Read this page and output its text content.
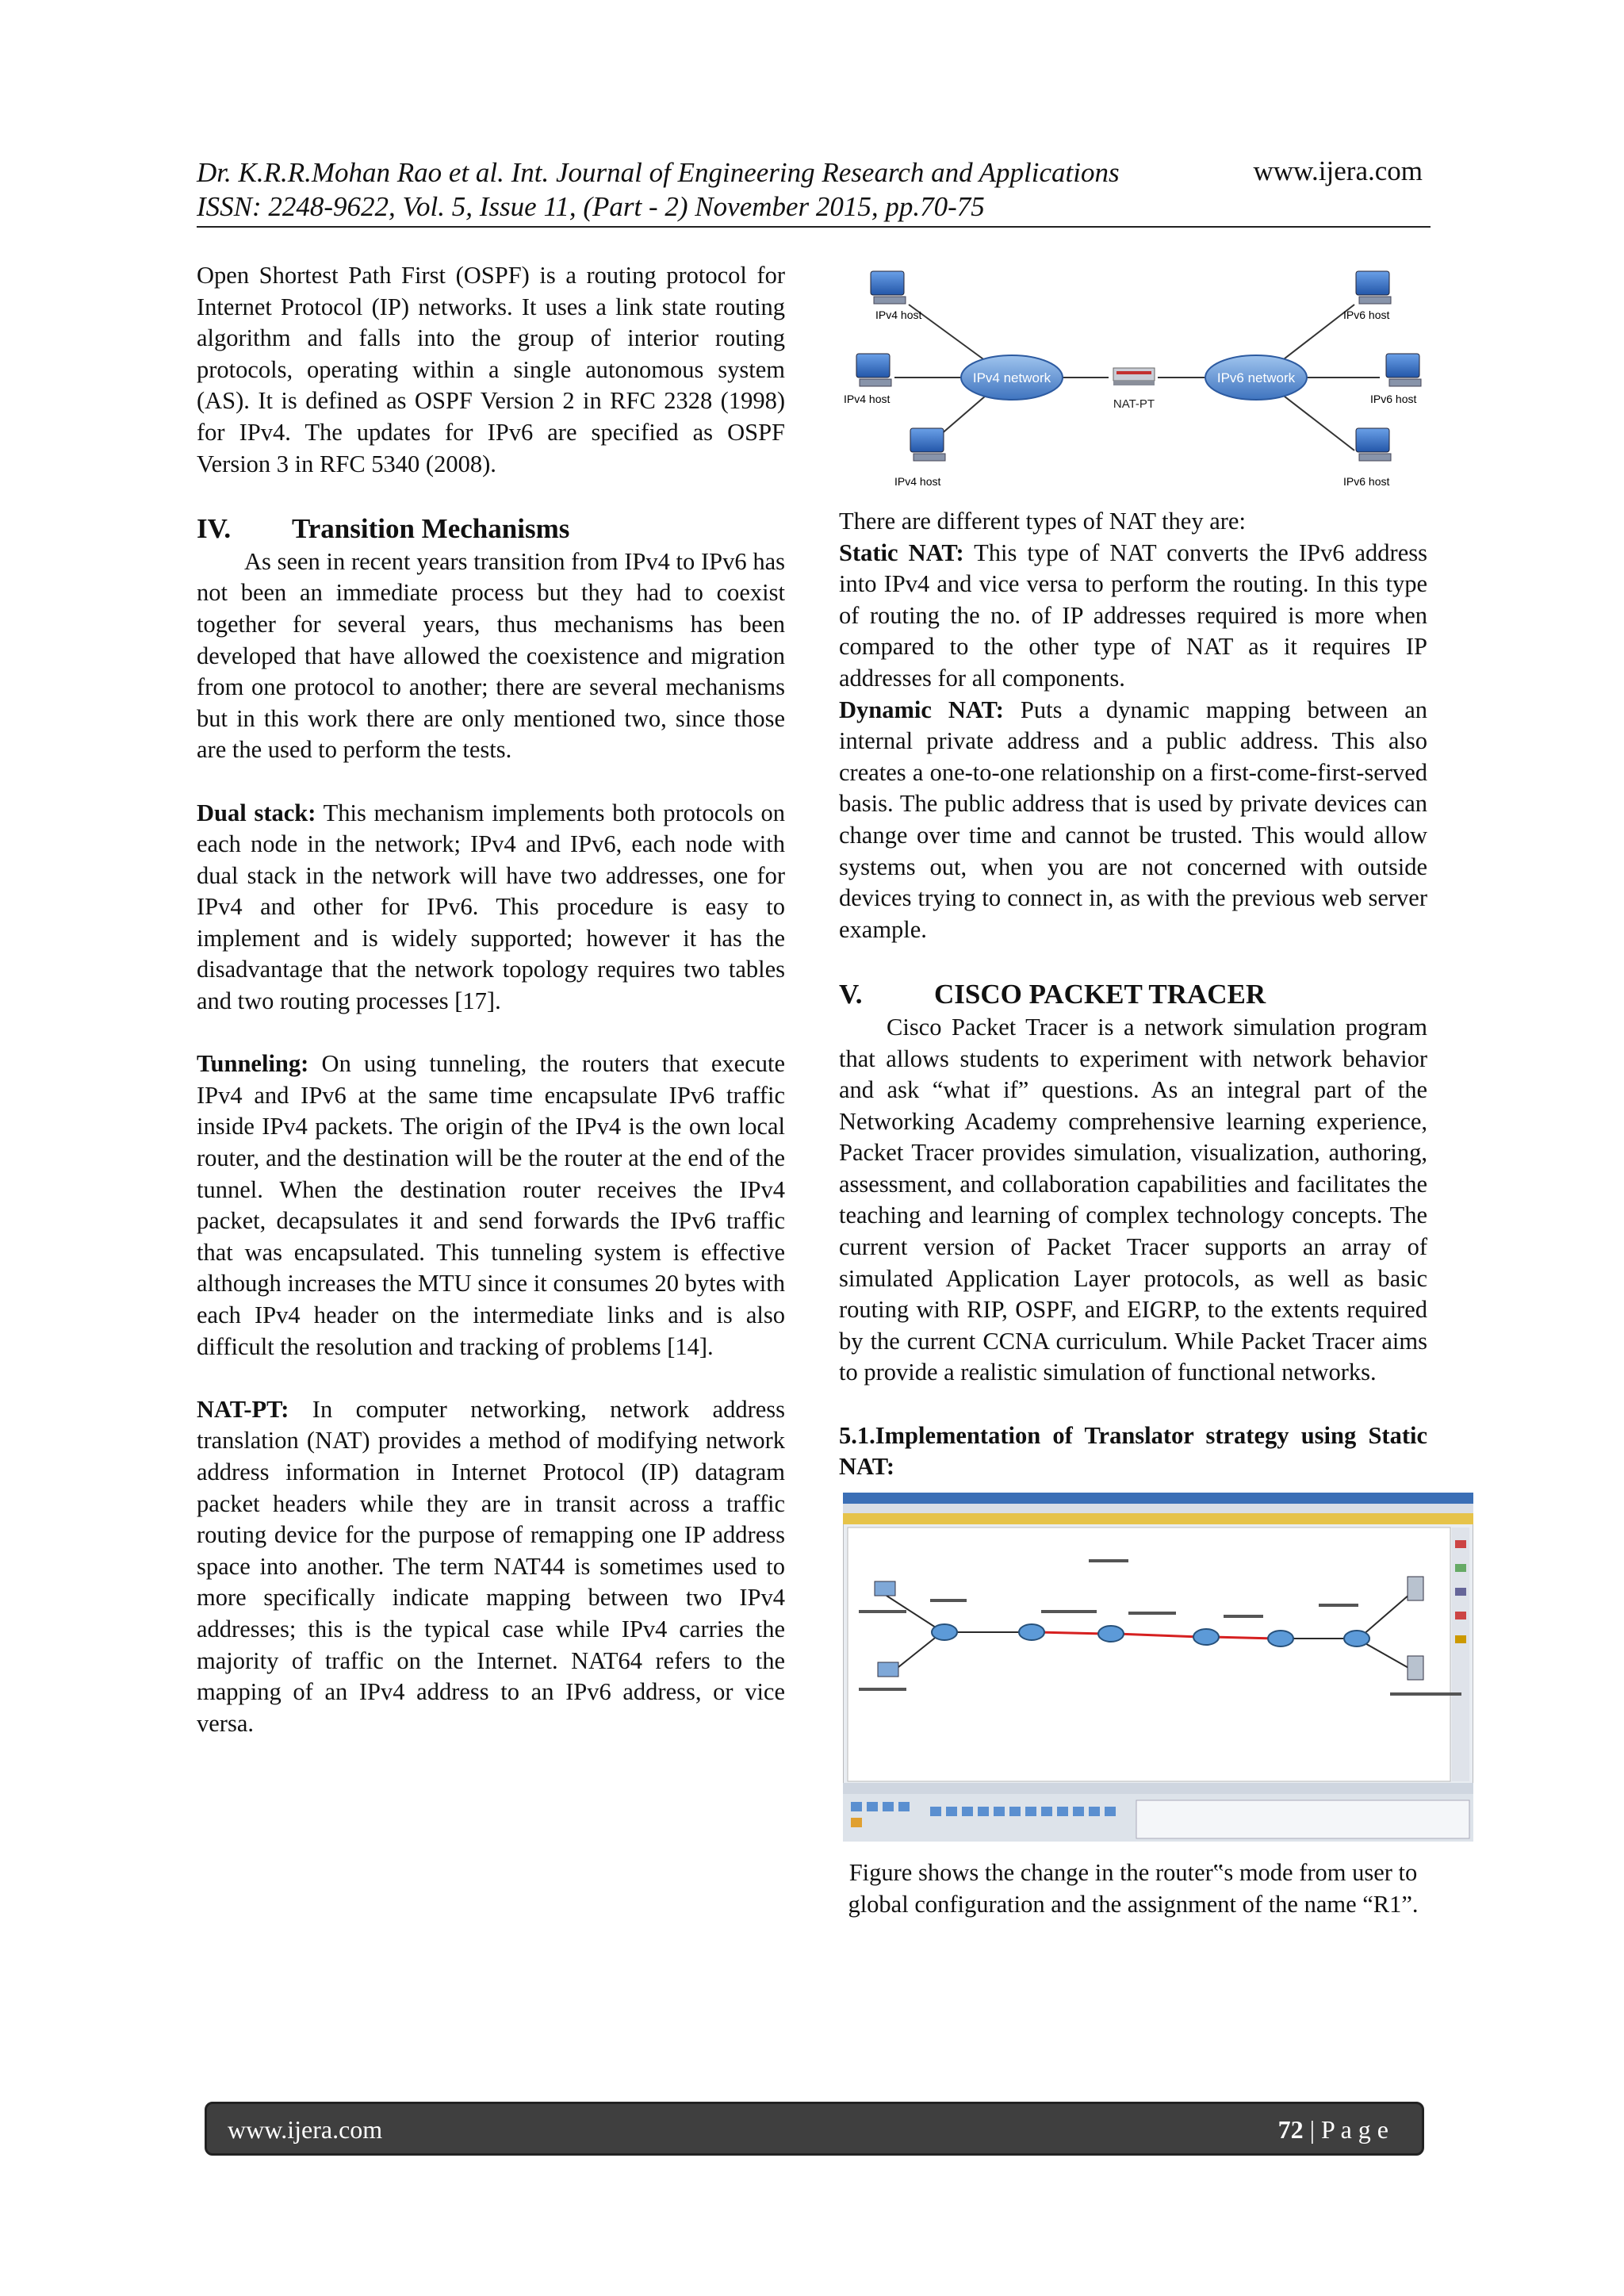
Dr. K.R.R.Mohan Rao et al. Int. Journal of Engineering Research and Applications	www.ijera.com
ISSN: 2248-9622, Vol. 5, Issue 11, (Part - 2) November 2015, pp.70-75

Open Shortest Path First (OSPF) is a routing protocol for Internet Protocol (IP) networks. It uses a link state routing algorithm and falls into the group of interior routing protocols, operating within a single autonomous system (AS). It is defined as OSPF Version 2 in RFC 2328 (1998) for IPv4. The updates for IPv6 are specified as OSPF Version 3 in RFC 5340 (2008).

IV. Transition Mechanisms

As seen in recent years transition from IPv4 to IPv6 has not been an immediate process but they had to coexist together for several years, thus mechanisms has been developed that have allowed the coexistence and migration from one protocol to another; there are several mechanisms but in this work there are only mentioned two, since those are the used to perform the tests.

Dual stack: This mechanism implements both protocols on each node in the network; IPv4 and IPv6, each node with dual stack in the network will have two addresses, one for IPv4 and other for IPv6. This procedure is easy to implement and is widely supported; however it has the disadvantage that the network topology requires two tables and two routing processes [17].

Tunneling: On using tunneling, the routers that execute IPv4 and IPv6 at the same time encapsulate IPv6 traffic inside IPv4 packets. The origin of the IPv4 is the own local router, and the destination will be the router at the end of the tunnel. When the destination router receives the IPv4 packet, decapsulates it and send forwards the IPv6 traffic that was encapsulated. This tunneling system is effective although increases the MTU since it consumes 20 bytes with each IPv4 header on the intermediate links and is also difficult the resolution and tracking of problems [14].

NAT-PT: In computer networking, network address translation (NAT) provides a method of modifying network address information in Internet Protocol (IP) datagram packet headers while they are in transit across a traffic routing device for the purpose of remapping one IP address space into another. The term NAT44 is sometimes used to more specifically indicate mapping between two IPv4 addresses; this is the typical case while IPv4 carries the majority of traffic on the Internet. NAT64 refers to the mapping of an IPv4 address to an IPv6 address, or vice versa.

IPv4 network	IPv6 network
NAT-PT
IPv4 host
IPv4 host
IPv4 host
IPv6 host
IPv6 host
IPv6 host

There are different types of NAT they are:

Static NAT: This type of NAT converts the IPv6 address into IPv4 and vice versa to perform the routing. In this type of routing the no. of IP addresses required is more when compared to the other type of NAT as it requires IP addresses for all components.

Dynamic NAT: Puts a dynamic mapping between an internal private address and a public address. This also creates a one-to-one relationship on a first-come-first-served basis. The public address that is used by private devices can change over time and cannot be trusted. This would allow systems out, when you are not concerned with outside devices trying to connect in, as with the previous web server example.

V.	CISCO PACKET TRACER

Cisco Packet Tracer is a network simulation program that allows students to experiment with network behavior and ask “what if” questions. As an integral part of the Networking Academy comprehensive learning experience, Packet Tracer provides simulation, visualization, authoring, assessment, and collaboration capabilities and facilitates the teaching and learning of complex technology concepts. The current version of Packet Tracer supports an array of simulated Application Layer protocols, as well as basic routing with RIP, OSPF, and EIGRP, to the extents required by the current CCNA curriculum. While Packet Tracer aims to provide a realistic simulation of functional networks.

5.1.Implementation of Translator strategy using Static NAT:

Figure shows the change in the router‟s mode from user to global configuration and the assignment of the name “R1”.

www.ijera.com	72 | P a g e
